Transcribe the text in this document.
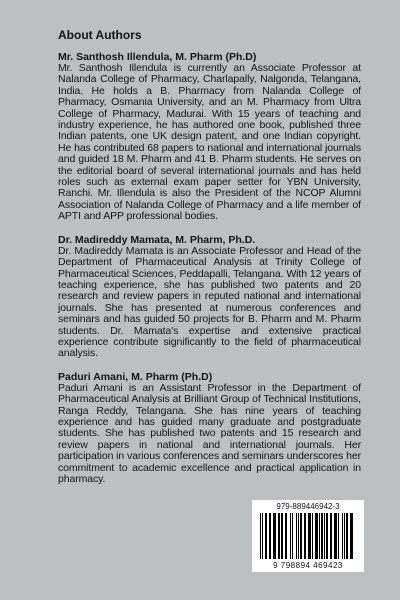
About Authors
Mr. Santhosh Illendula, M. Pharm (Ph.D)
Mr. Santhosh Illendula is currently an Associate Professor at Nalanda College of Pharmacy, Charlapally, Nalgonda, Telangana, India. He holds a B. Pharmacy from Nalanda College of Pharmacy, Osmania University, and an M. Pharmacy from Ultra College of Pharmacy, Madurai. With 15 years of teaching and industry experience, he has authored one book, published three Indian patents, one UK design patent, and one Indian copyright. He has contributed 68 papers to national and international journals and guided 18 M. Pharm and 41 B. Pharm students. He serves on the editorial board of several international journals and has held roles such as external exam paper setter for YBN University, Ranchi. Mr. Illendula is also the President of the NCOP Alumni Association of Nalanda College of Pharmacy and a life member of APTI and APP professional bodies.
Dr. Madireddy Mamata, M. Pharm, Ph.D.
Dr. Madireddy Mamata is an Associate Professor and Head of the Department of Pharmaceutical Analysis at Trinity College of Pharmaceutical Sciences, Peddapalli, Telangana. With 12 years of teaching experience, she has published two patents and 20 research and review papers in reputed national and international journals. She has presented at numerous conferences and seminars and has guided 50 projects for B. Pharm and M. Pharm students. Dr. Mamata's expertise and extensive practical experience contribute significantly to the field of pharmaceutical analysis.
Paduri Amani, M. Pharm (Ph.D)
Paduri Amani is an Assistant Professor in the Department of Pharmaceutical Analysis at Brilliant Group of Technical Institutions, Ranga Reddy, Telangana. She has nine years of teaching experience and has guided many graduate and postgraduate students. She has published two patents and 15 research and review papers in national and international journals. Her participation in various conferences and seminars underscores her commitment to academic excellence and practical application in pharmacy.
979-889446942-3
9 798894 469423
